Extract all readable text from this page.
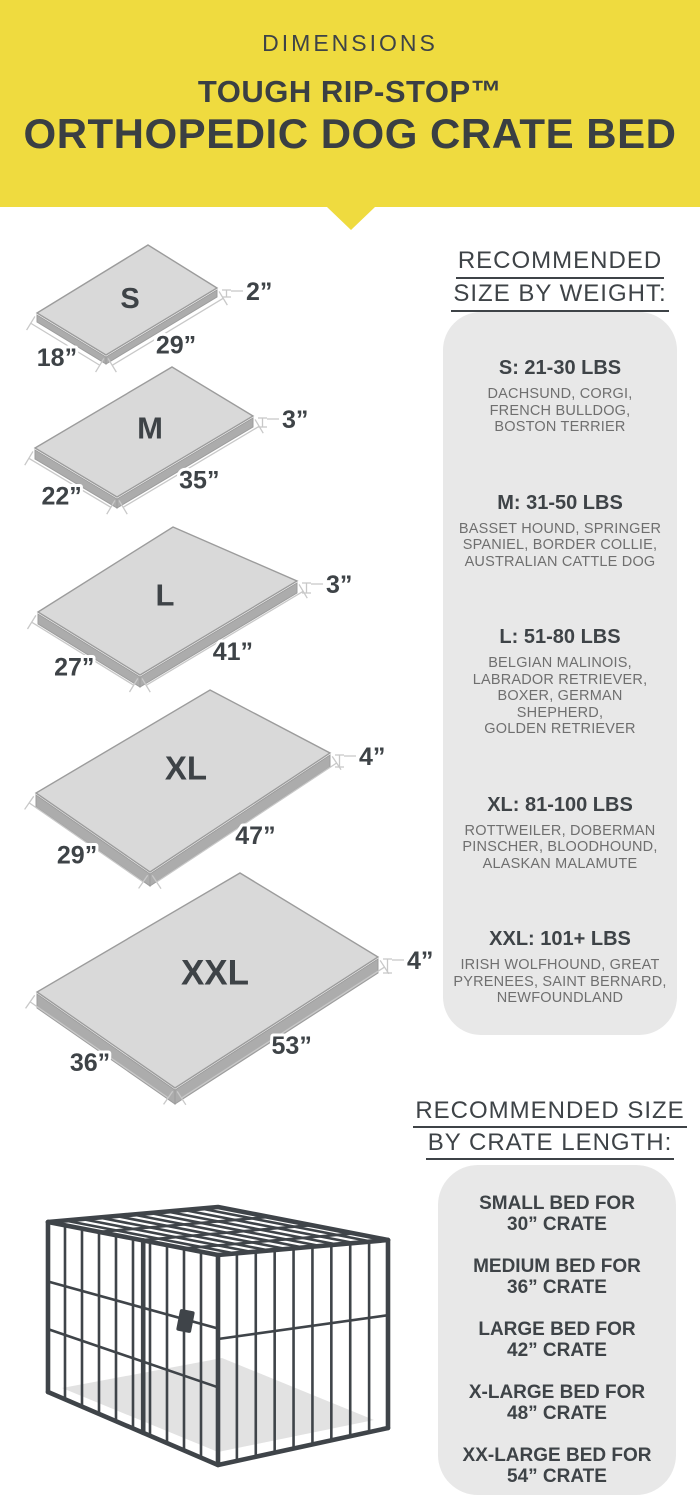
DIMENSIONS
TOUGH RIP-STOP™
ORTHOPEDIC DOG CRATE BED
S
29”
18”
2”
M
35”
22”
3”
L
41”
27”
3”
XL
47”
29”
4”
XXL
53”
36”
4”
RECOMMENDED
SIZE BY WEIGHT:
S: 21-30 LBS
DACHSUND, CORGI,
FRENCH BULLDOG,
BOSTON TERRIER
M: 31-50 LBS
BASSET HOUND, SPRINGER
SPANIEL, BORDER COLLIE,
AUSTRALIAN CATTLE DOG
L: 51-80 LBS
BELGIAN MALINOIS,
LABRADOR RETRIEVER,
BOXER, GERMAN
SHEPHERD,
GOLDEN RETRIEVER
XL: 81-100 LBS
ROTTWEILER, DOBERMAN
PINSCHER, BLOODHOUND,
ALASKAN MALAMUTE
XXL: 101+ LBS
IRISH WOLFHOUND, GREAT
PYRENEES, SAINT BERNARD,
NEWFOUNDLAND
RECOMMENDED SIZE
BY CRATE LENGTH:
SMALL BED FOR
30” CRATE
MEDIUM BED FOR
36” CRATE
LARGE BED FOR
42” CRATE
X-LARGE BED FOR
48” CRATE
XX-LARGE BED FOR
54” CRATE
